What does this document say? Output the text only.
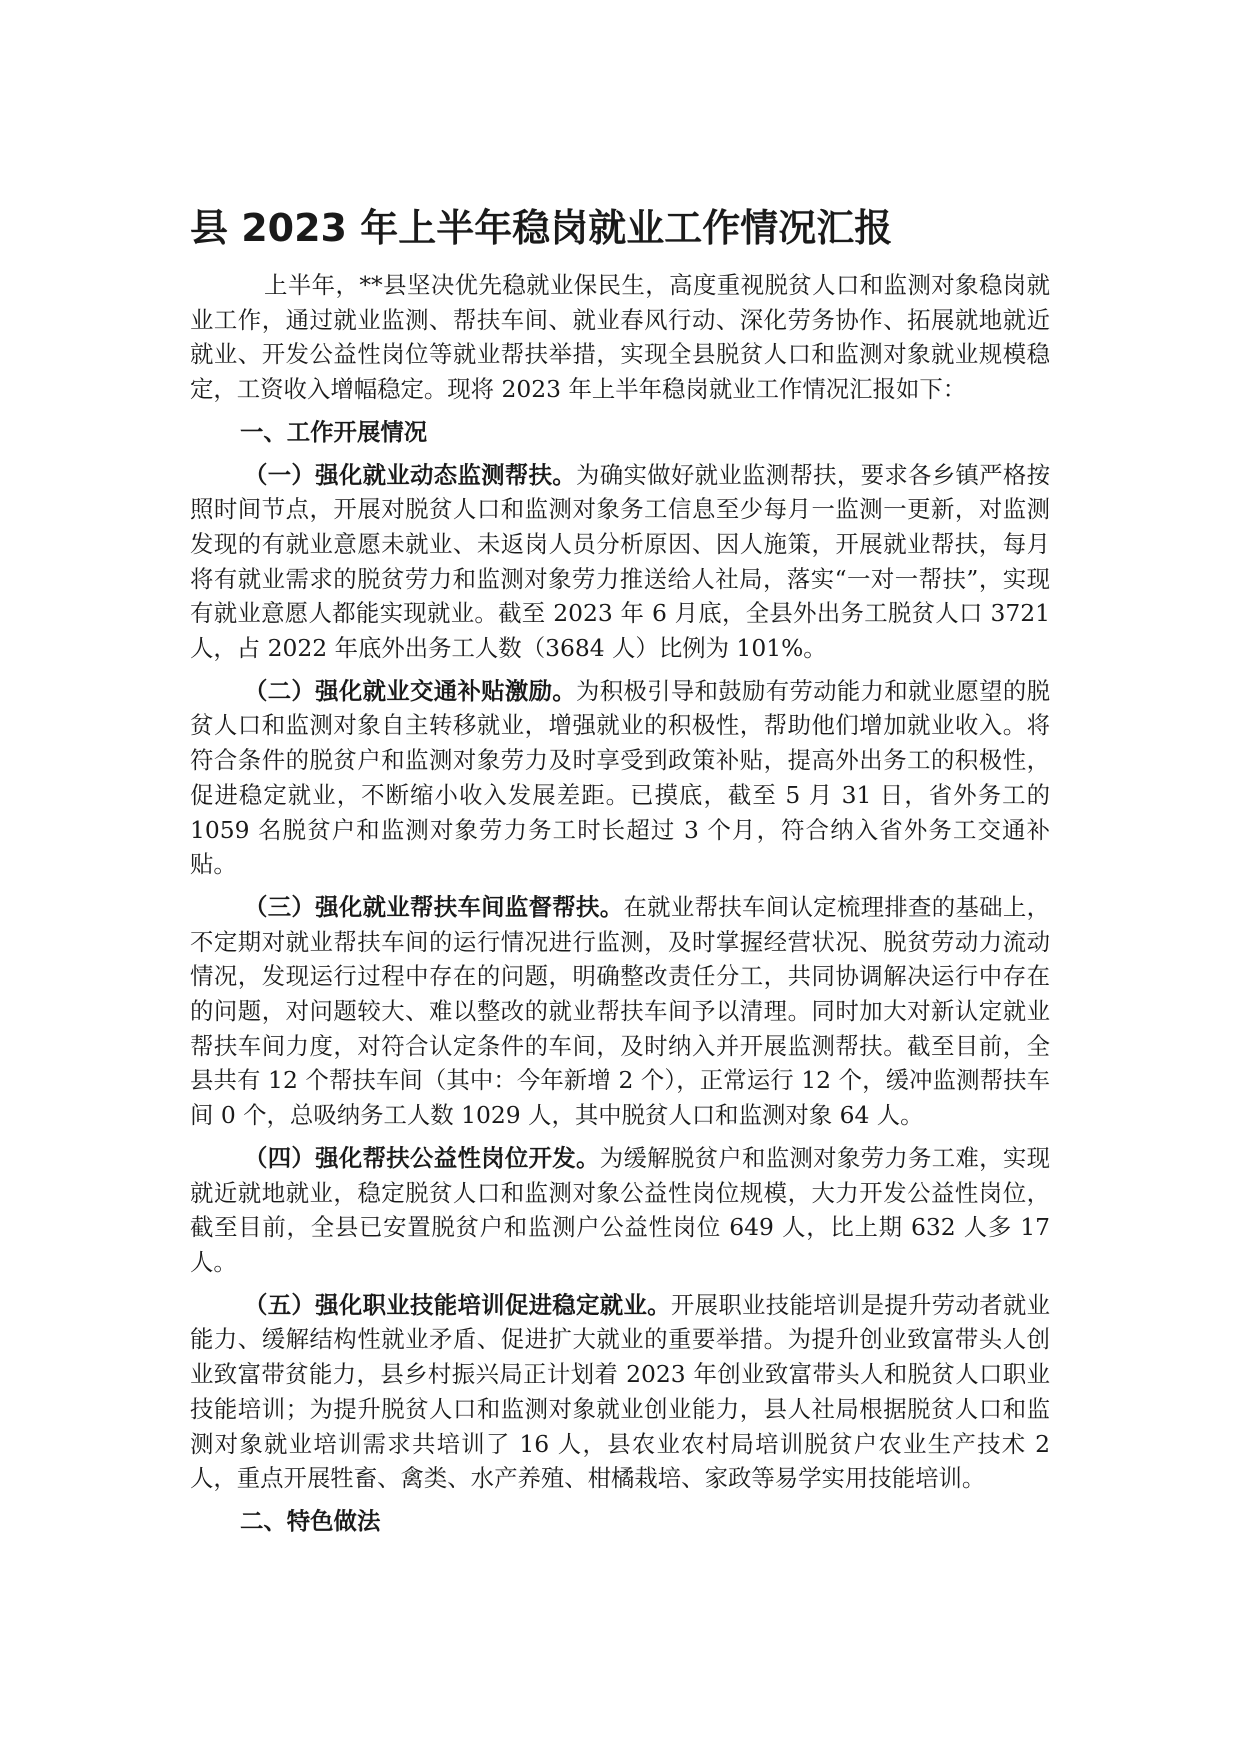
县 2023 年上半年稳岗就业工作情况汇报

上半年，**县坚决优先稳就业保民生，高度重视脱贫人口和监测对象稳岗就业工作，通过就业监测、帮扶车间、就业春风行动、深化劳务协作、拓展就地就近就业、开发公益性岗位等就业帮扶举措，实现全县脱贫人口和监测对象就业规模稳定，工资收入增幅稳定。现将 2023 年上半年稳岗就业工作情况汇报如下：

一、工作开展情况

（一）强化就业动态监测帮扶。为确实做好就业监测帮扶，要求各乡镇严格按照时间节点，开展对脱贫人口和监测对象务工信息至少每月一监测一更新，对监测发现的有就业意愿未就业、未返岗人员分析原因、因人施策，开展就业帮扶，每月将有就业需求的脱贫劳力和监测对象劳力推送给人社局，落实“一对一帮扶”，实现有就业意愿人都能实现就业。截至 2023 年 6 月底，全县外出务工脱贫人口 3721 人，占 2022 年底外出务工人数（3684 人）比例为 101%。

（二）强化就业交通补贴激励。为积极引导和鼓励有劳动能力和就业愿望的脱贫人口和监测对象自主转移就业，增强就业的积极性，帮助他们增加就业收入。将符合条件的脱贫户和监测对象劳力及时享受到政策补贴，提高外出务工的积极性，促进稳定就业，不断缩小收入发展差距。已摸底，截至 5 月 31 日，省外务工的 1059 名脱贫户和监测对象劳力务工时长超过 3 个月，符合纳入省外务工交通补贴。

（三）强化就业帮扶车间监督帮扶。在就业帮扶车间认定梳理排查的基础上，不定期对就业帮扶车间的运行情况进行监测，及时掌握经营状况、脱贫劳动力流动情况，发现运行过程中存在的问题，明确整改责任分工，共同协调解决运行中存在的问题，对问题较大、难以整改的就业帮扶车间予以清理。同时加大对新认定就业帮扶车间力度，对符合认定条件的车间，及时纳入并开展监测帮扶。截至目前，全县共有 12 个帮扶车间（其中：今年新增 2 个），正常运行 12 个，缓冲监测帮扶车间 0 个，总吸纳务工人数 1029 人，其中脱贫人口和监测对象 64 人。

（四）强化帮扶公益性岗位开发。为缓解脱贫户和监测对象劳力务工难，实现就近就地就业，稳定脱贫人口和监测对象公益性岗位规模，大力开发公益性岗位，截至目前，全县已安置脱贫户和监测户公益性岗位 649 人，比上期 632 人多 17 人。

（五）强化职业技能培训促进稳定就业。开展职业技能培训是提升劳动者就业能力、缓解结构性就业矛盾、促进扩大就业的重要举措。为提升创业致富带头人创业致富带贫能力，县乡村振兴局正计划着 2023 年创业致富带头人和脱贫人口职业技能培训；为提升脱贫人口和监测对象就业创业能力，县人社局根据脱贫人口和监测对象就业培训需求共培训了 16 人，县农业农村局培训脱贫户农业生产技术 2 人，重点开展牲畜、禽类、水产养殖、柑橘栽培、家政等易学实用技能培训。

二、特色做法
